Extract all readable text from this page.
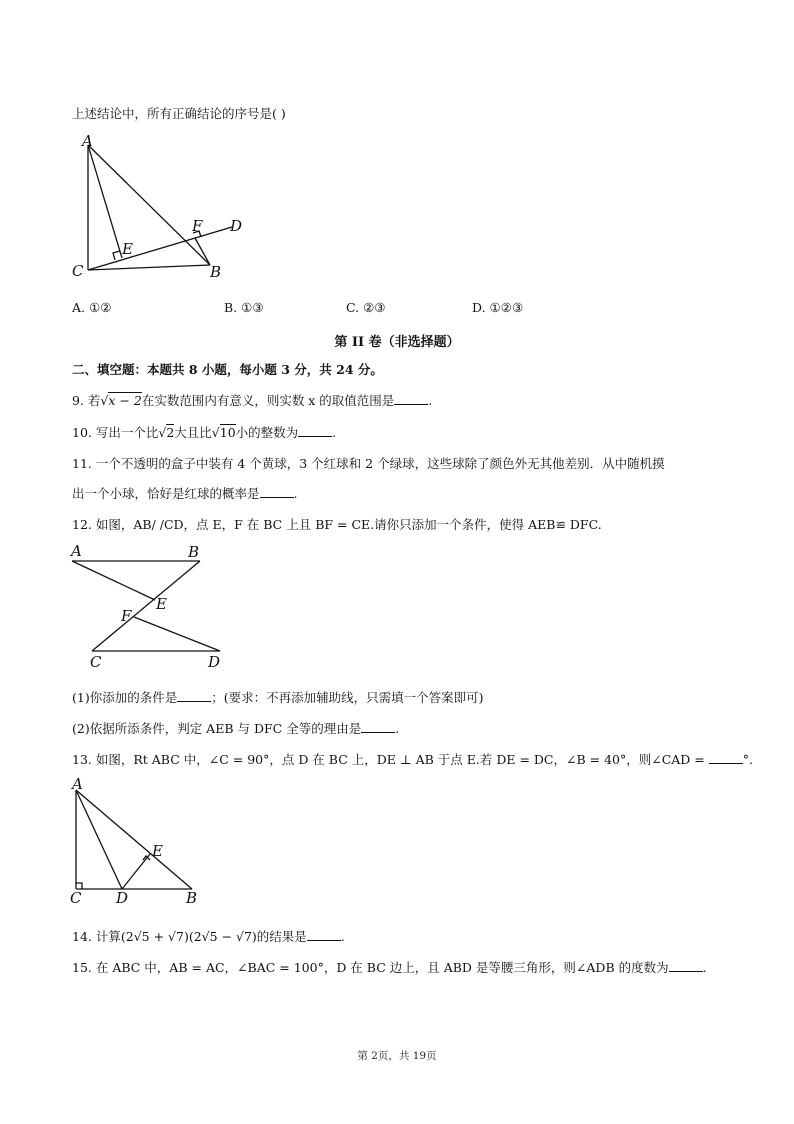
上述结论中，所有正确结论的序号是( )
A
C	B
E
F D
A. ①②	B. ①③	C. ②③	D. ①②③
第 II 卷（非选择题）
二、填空题：本题共 8 小题，每小题 3 分，共 24 分。
9. 若√x − 2在实数范围内有意义，则实数 x 的取值范围是	.
10. 写出一个比√2大且比√10小的整数为	.
11. 一个不透明的盒子中装有 4 个黄球，3 个红球和 2 个绿球，这些球除了颜色外无其他差别．从中随机摸
出一个小球，恰好是红球的概率是	.
12. 如图，AB/ /CD，点 E，F 在 BC 上且 BF = CE.请你只添加一个条件，使得 AEB≌ DFC.
A	B
E
F
C	D
(1)你添加的条件是	；(要求：不再添加辅助线，只需填一个答案即可)
(2)依据所添条件，判定 AEB 与 DFC 全等的理由是	.
13. 如图，Rt ABC 中，∠C = 90°，点 D 在 BC 上，DE ⊥ AB 于点 E.若 DE = DC，∠B = 40°，则∠CAD =	°.
A
E
C D	B
14. 计算(2√5 + √7)(2√5 − √7)的结果是	.
15. 在 ABC 中，AB = AC，∠BAC = 100°，D 在 BC 边上，且 ABD 是等腰三角形，则∠ADB 的度数为	.
第 2页，共 19页
